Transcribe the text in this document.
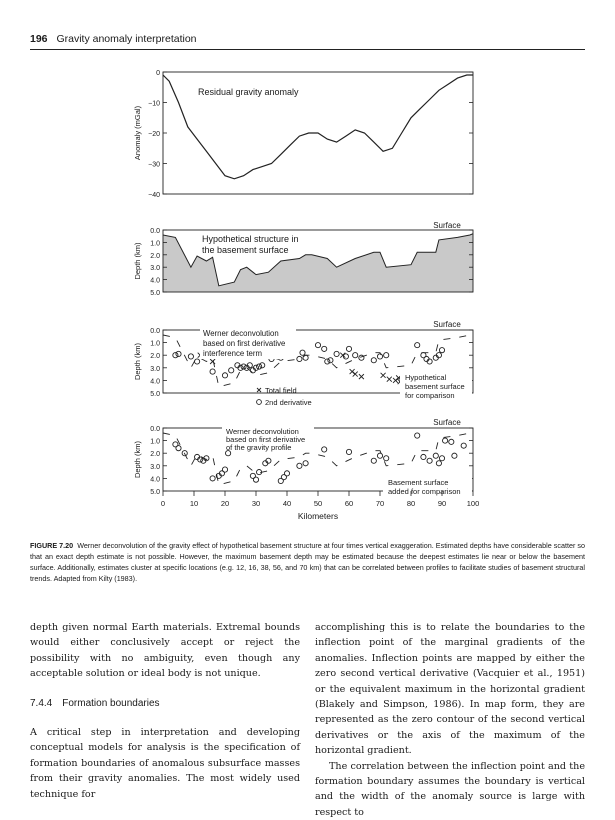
196 Gravity anomaly interpretation
0
−10
−20
−30
−40
Anomaly (mGal)
Residual gravity anomaly
0.0
1.0
2.0
3.0
4.0
5.0
Depth (km)
Hypothetical structure in
the basement surface
Surface
0.0
1.0
2.0
3.0
4.0
5.0
Depth (km)
Surface
Werner deconvolution
based on first derivative
interference term
Hypothetical
basement surface
for comparison
Total field
2nd derivative
0.0
1.0
2.0
3.0
4.0
5.0
Depth (km)
Surface
Werner deconvolution
based on first derivative
of the gravity profile
Basement surface
added for comparison
0	10	20	30	40	50	60	70	80	90	100
Kilometers
FIGURE 7.20 Werner deconvolution of the gravity effect of hypothetical basement structure at four times vertical exaggeration. Estimated depths have considerable scatter so that an exact depth estimate is not possible. However, the maximum basement depth may be estimated because the deepest estimates lie near or below the basement surface. Additionally, estimates cluster at specific locations (e.g. 12, 16, 38, 56, and 70 km) that can be correlated between profiles to facilitate studies of basement structural trends. Adapted from Kilty (1983).

depth given normal Earth materials. Extremal bounds would either conclusively accept or reject the possibility with no ambiguity, even though any acceptable solution or ideal body is not unique.

7.4.4 Formation boundaries

A critical step in interpretation and developing conceptual models for analysis is the specification of formation boundaries of anomalous subsurface masses from their gravity anomalies. The most widely used technique for

accomplishing this is to relate the boundaries to the inflection point of the marginal gradients of the anomalies. Inflection points are mapped by either the zero second vertical derivative (Vacquier et al., 1951) or the equivalent maximum in the horizontal gradient (Blakely and Simpson, 1986). In map form, they are represented as the zero contour of the second vertical derivatives or the axis of the maximum of the horizontal gradient.

The correlation between the inflection point and the formation boundary assumes the boundary is vertical and the width of the anomaly source is large with respect to
